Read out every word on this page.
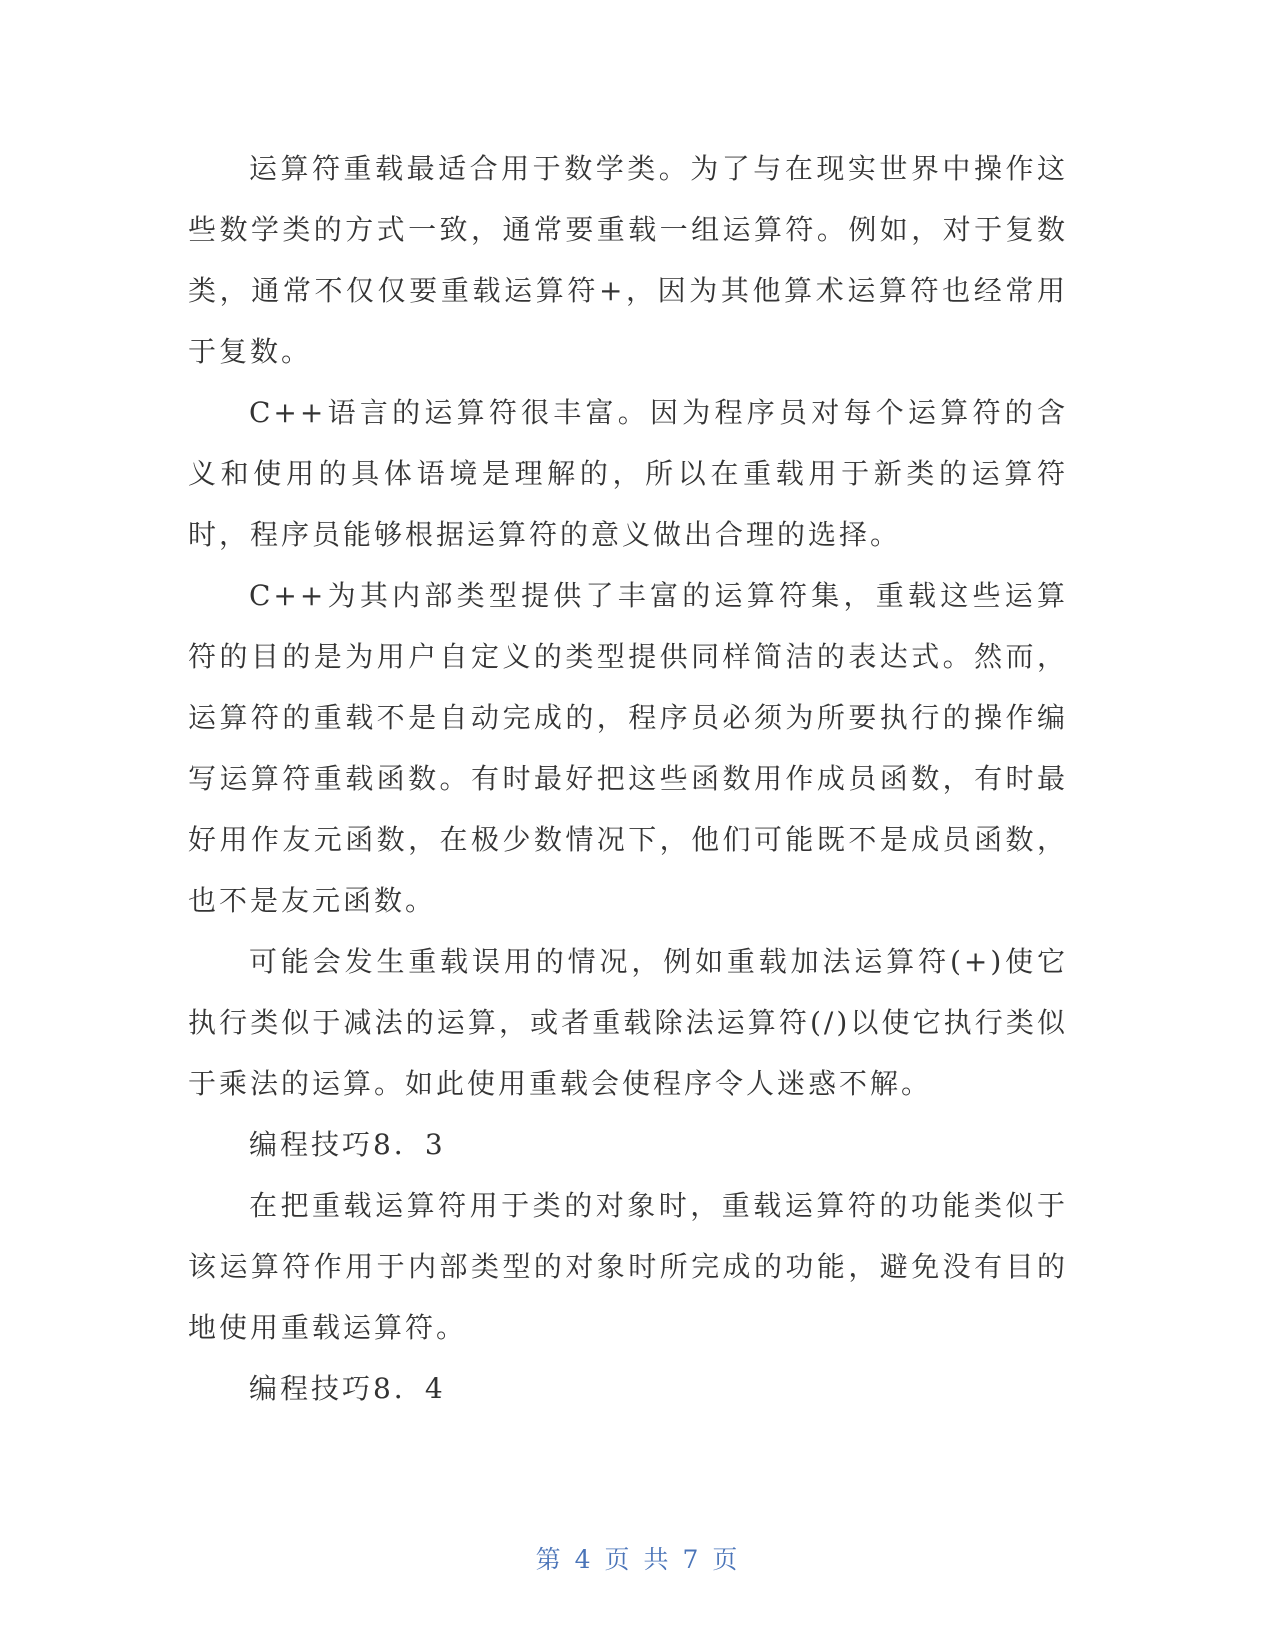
运算符重载最适合用于数学类。为了与在现实世界中操作这些数学类的方式一致，通常要重载一组运算符。例如，对于复数类，通常不仅仅要重载运算符+，因为其他算术运算符也经常用于复数。

C++语言的运算符很丰富。因为程序员对每个运算符的含义和使用的具体语境是理解的，所以在重载用于新类的运算符时，程序员能够根据运算符的意义做出合理的选择。

C++为其内部类型提供了丰富的运算符集，重载这些运算符的目的是为用户自定义的类型提供同样简洁的表达式。然而，运算符的重载不是自动完成的，程序员必须为所要执行的操作编写运算符重载函数。有时最好把这些函数用作成员函数，有时最好用作友元函数，在极少数情况下，他们可能既不是成员函数，也不是友元函数。

可能会发生重载误用的情况，例如重载加法运算符(+)使它执行类似于减法的运算，或者重载除法运算符(/)以使它执行类似于乘法的运算。如此使用重载会使程序令人迷惑不解。

编程技巧8．3

在把重载运算符用于类的对象时，重载运算符的功能类似于该运算符作用于内部类型的对象时所完成的功能，避免没有目的地使用重载运算符。

编程技巧8．4

第 4 页 共 7 页
